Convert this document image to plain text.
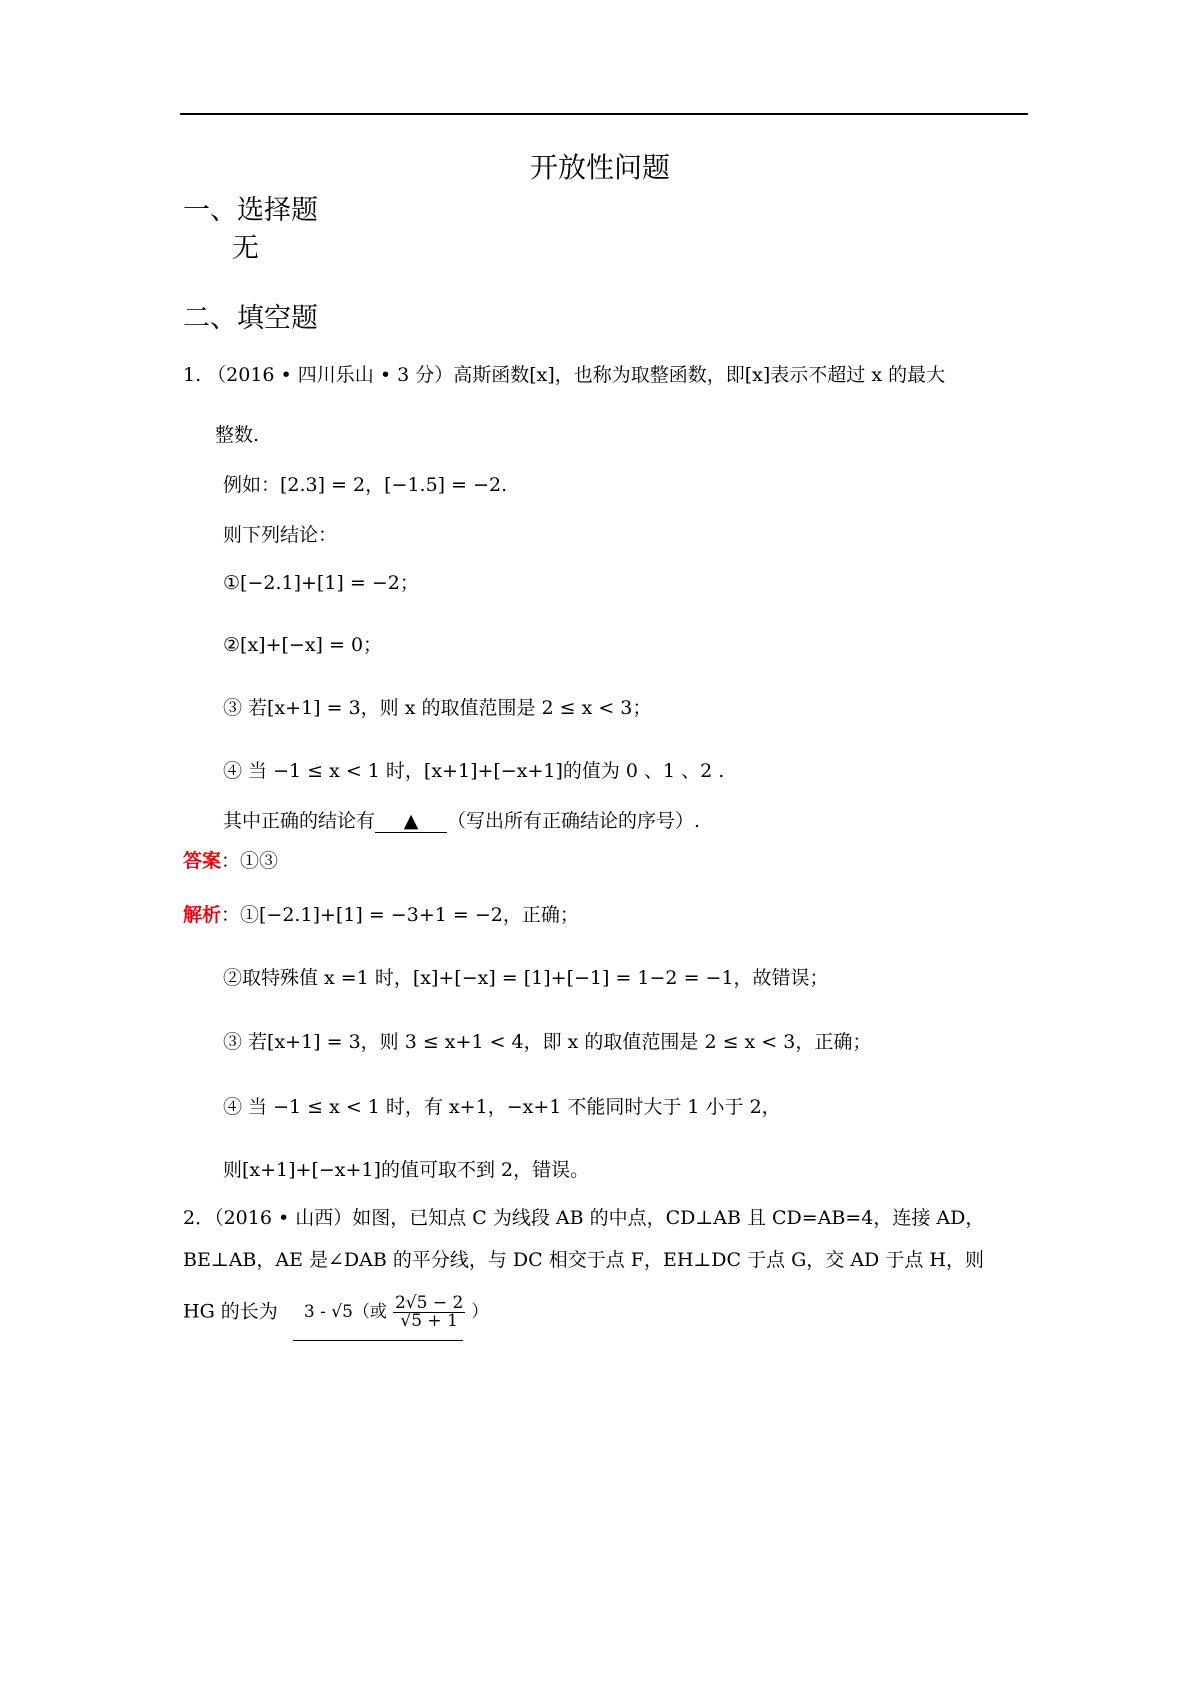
开放性问题
一、选择题
无
二、填空题
1. （2016 • 四川乐山 • 3 分）高斯函数[x]，也称为取整函数，即[x]表示不超过 x 的最大
整数.
例如：[2.3] = 2，[−1.5] = −2.
则下列结论：
①[−2.1]+[1] = −2；
②[x]+[−x] = 0；
③ 若[x+1] = 3，则 x 的取值范围是 2 ≤ x < 3；
④ 当 −1 ≤ x < 1 时，[x+1]+[−x+1]的值为 0 、1 、2 .
其中正确的结论有 ▲ （写出所有正确结论的序号）.
答案：①③
解析：①[−2.1]+[1] = −3+1 = −2，正确；
②取特殊值 x =1 时，[x]+[−x] = [1]+[−1] = 1−2 = −1，故错误；
③ 若[x+1] = 3，则 3 ≤ x+1 < 4，即 x 的取值范围是 2 ≤ x < 3，正确；
④ 当 −1 ≤ x < 1 时，有 x+1，−x+1 不能同时大于 1 小于 2，
则[x+1]+[−x+1]的值可取不到 2，错误。
2．（2016 • 山西）如图，已知点 C 为线段 AB 的中点，CD⊥AB 且 CD=AB=4，连接 AD，
BE⊥AB，AE 是∠DAB 的平分线，与 DC 相交于点 F，EH⊥DC 于点 G，交 AD 于点 H，则
HG 的长为 3 - √5（或 $\frac{2√5 - 2}{√5 + 1}$ ）
